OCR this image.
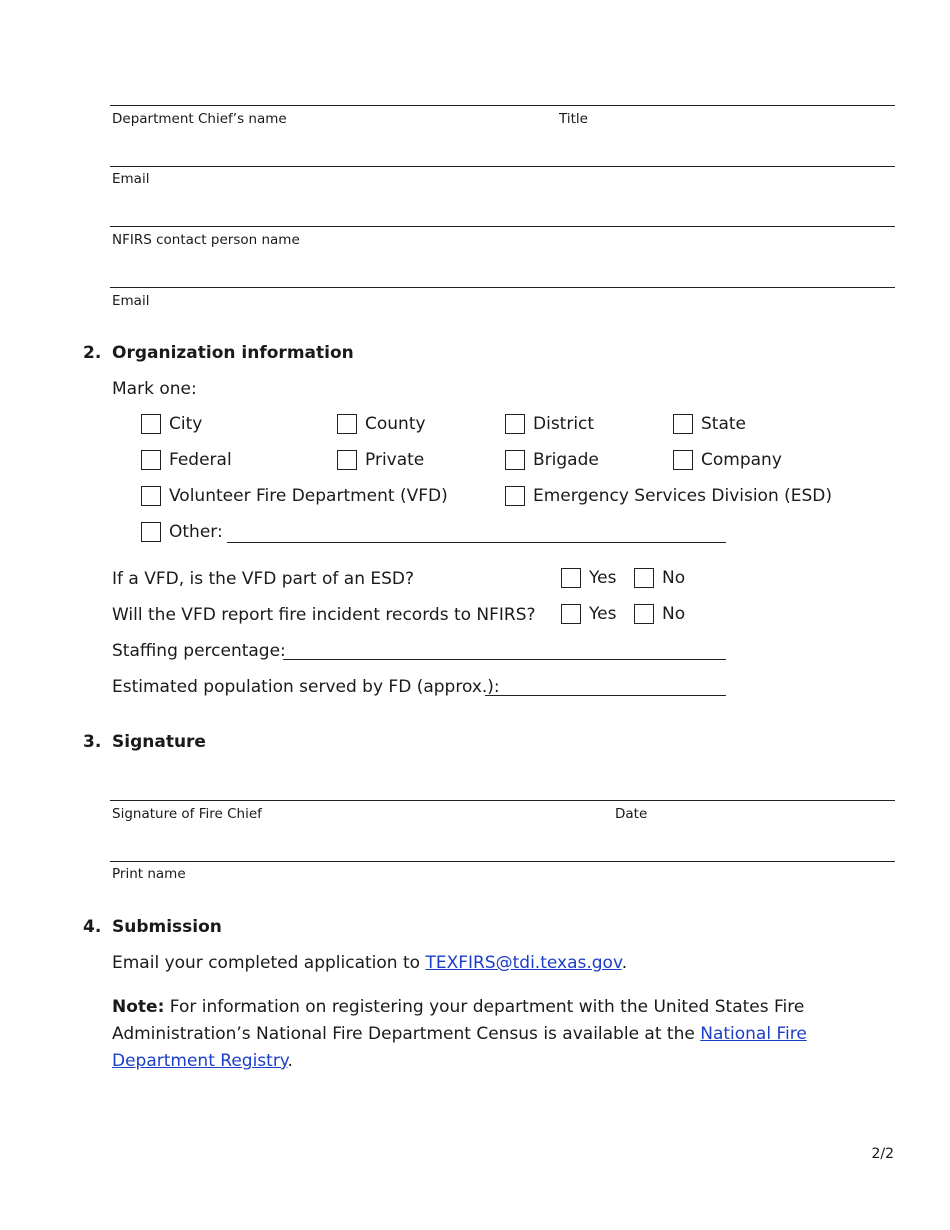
Department Chief’s name	Title
Email
NFIRS contact person name
Email
2. Organization information
Mark one:
City	County	District	State
Federal	Private	Brigade	Company
Volunteer Fire Department (VFD)	Emergency Services Division (ESD)
Other:
If a VFD, is the VFD part of an ESD?	Yes	No
Will the VFD report fire incident records to NFIRS?	Yes	No
Staffing percentage:
Estimated population served by FD (approx.):
3. Signature
Signature of Fire Chief	Date
Print name
4. Submission
Email your completed application to TEXFIRS@tdi.texas.gov.
Note: For information on registering your department with the United States Fire Administration’s National Fire Department Census is available at the National Fire Department Registry.
2/2
